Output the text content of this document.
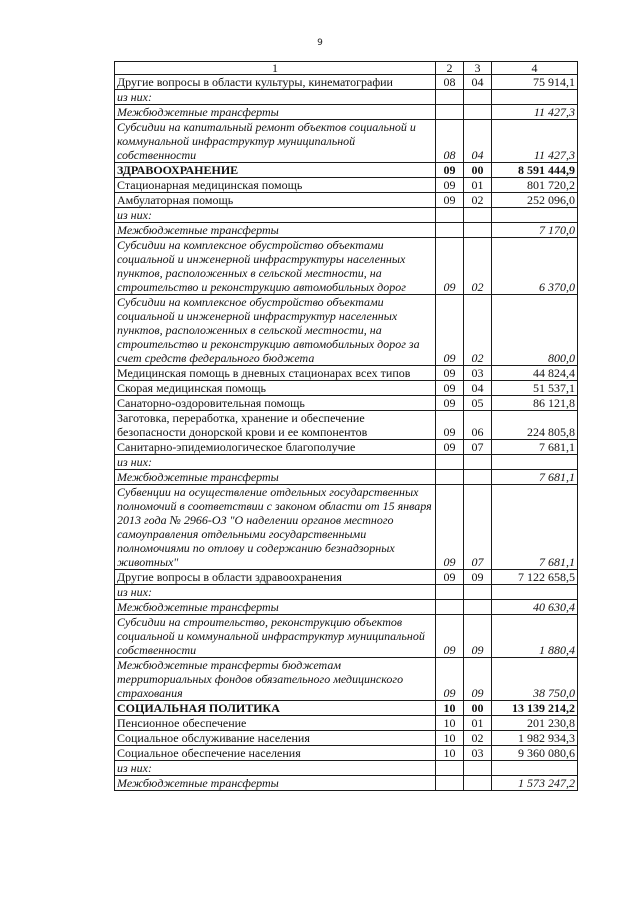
9
1	2	3	4
Другие вопросы в области культуры, кинематографии	08	04	75 914,1
из них:			
Межбюджетные трансферты			11 427,3
Субсидии на капитальный ремонт объектов социальной и коммунальной инфраструктур муниципальной собственности	08	04	11 427,3
ЗДРАВООХРАНЕНИЕ	09	00	8 591 444,9
Стационарная медицинская помощь	09	01	801 720,2
Амбулаторная помощь	09	02	252 096,0
из них:			
Межбюджетные трансферты			7 170,0
Субсидии на комплексное обустройство объектами социальной и инженерной инфраструктуры населенных пунктов, расположенных в сельской местности, на строительство и реконструкцию автомобильных дорог	09	02	6 370,0
Субсидии на комплексное обустройство объектами социальной и инженерной инфраструктур населенных пунктов, расположенных в сельской местности, на строительство и реконструкцию автомобильных дорог за счет средств федерального бюджета	09	02	800,0
Медицинская помощь в дневных стационарах всех типов	09	03	44 824,4
Скорая медицинская помощь	09	04	51 537,1
Санаторно-оздоровительная помощь	09	05	86 121,8
Заготовка, переработка, хранение и обеспечение безопасности донорской крови и ее компонентов	09	06	224 805,8
Санитарно-эпидемиологическое благополучие	09	07	7 681,1
из них:			
Межбюджетные трансферты			7 681,1
Субвенции на осуществление отдельных государственных полномочий в соответствии с законом области от 15 января 2013 года № 2966-ОЗ "О наделении органов местного самоуправления отдельными государственными полномочиями по отлову и содержанию безнадзорных животных"	09	07	7 681,1
Другие вопросы в области здравоохранения	09	09	7 122 658,5
из них:			
Межбюджетные трансферты			40 630,4
Субсидии на строительство, реконструкцию объектов социальной и коммунальной инфраструктур муниципальной собственности	09	09	1 880,4
Межбюджетные трансферты бюджетам территориальных фондов обязательного медицинского страхования	09	09	38 750,0
СОЦИАЛЬНАЯ ПОЛИТИКА	10	00	13 139 214,2
Пенсионное обеспечение	10	01	201 230,8
Социальное обслуживание населения	10	02	1 982 934,3
Социальное обеспечение населения	10	03	9 360 080,6
из них:			
Межбюджетные трансферты			1 573 247,2
